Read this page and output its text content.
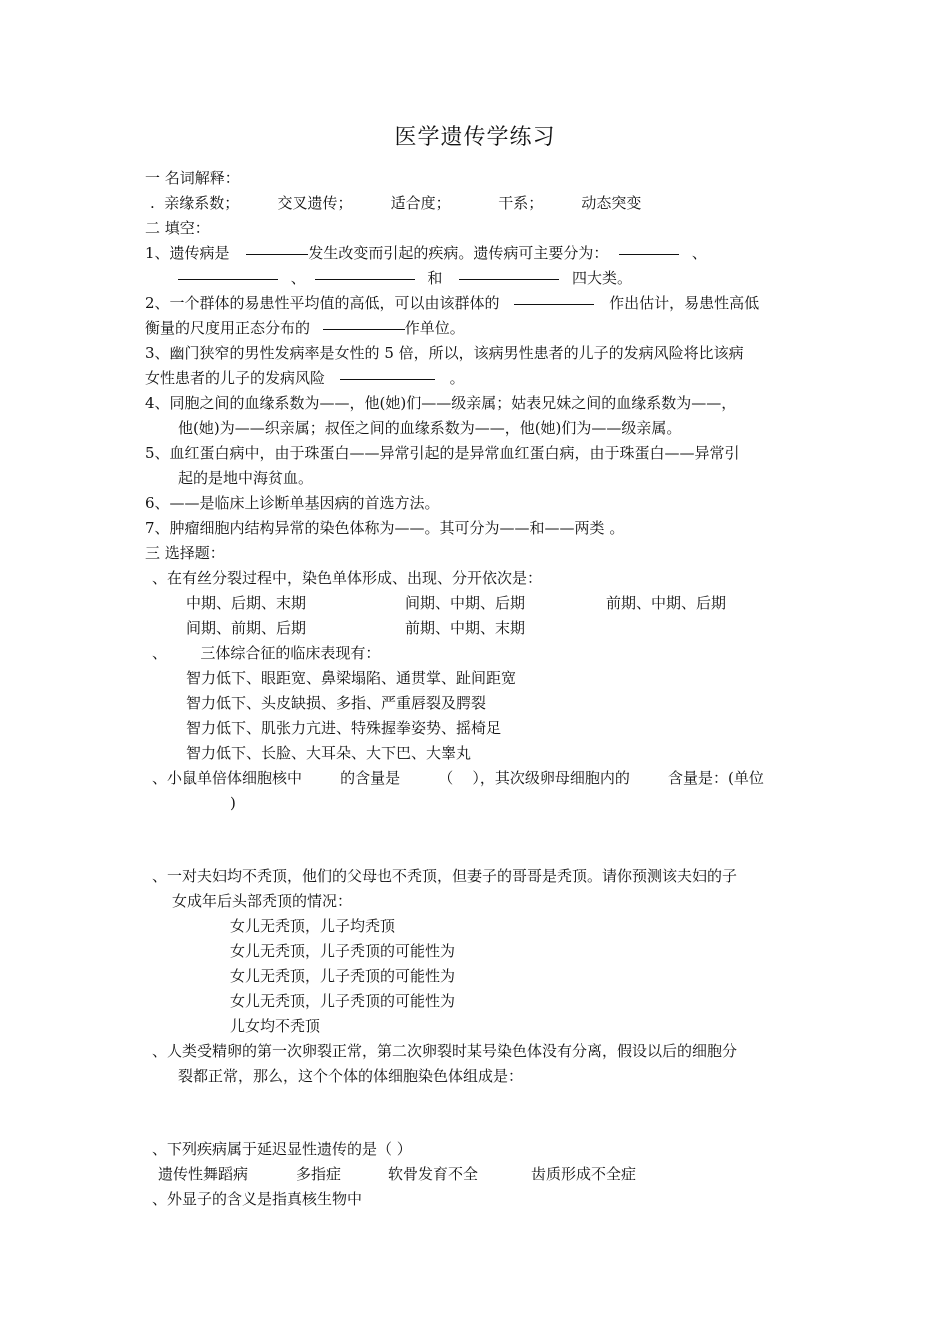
医学遗传学练习
一 名词解释：
.  亲缘系数；        交叉遗传；        适合度；          干系；        动态突变
二 填空：
1、遗传病是	发生改变而引起的疾病。遗传病可主要分为：	、
、	和	四大类。
2、一个群体的易患性平均值的高低，可以由该群体的	作出估计，易患性高低
衡量的尺度用正态分布的	作单位。
3、幽门狭窄的男性发病率是女性的 5 倍，所以，该病男性患者的儿子的发病风险将比该病
女性患者的儿子的发病风险	。
4、同胞之间的血缘系数为——，他(她)们——级亲属；姑表兄妹之间的血缘系数为——，
他(她)为——织亲属；叔侄之间的血缘系数为——，他(她)们为——级亲属。
5、血红蛋白病中，由于珠蛋白——异常引起的是异常血红蛋白病，由于珠蛋白——异常引
起的是地中海贫血。
6、——是临床上诊断单基因病的首选方法。
7、肿瘤细胞内结构异常的染色体称为——。其可分为——和——两类 。
三 选择题：
、在有丝分裂过程中，染色单体形成、出现、分开依次是：
中期、后期、末期	间期、中期、后期	前期、中期、后期
间期、前期、后期	前期、中期、末期
、       三体综合征的临床表现有：
智力低下、眼距宽、鼻梁塌陷、通贯掌、趾间距宽
智力低下、头皮缺损、多指、严重唇裂及腭裂
智力低下、肌张力亢进、特殊握拳姿势、摇椅足
智力低下、长脸、大耳朵、大下巴、大睾丸
、小鼠单倍体细胞核中        的含量是        （    ），其次级卵母细胞内的        含量是：(单位
)
、一对夫妇均不秃顶，他们的父母也不秃顶，但妻子的哥哥是秃顶。请你预测该夫妇的子
女成年后头部秃顶的情况：
女儿无秃顶，儿子均秃顶
女儿无秃顶，儿子秃顶的可能性为
女儿无秃顶，儿子秃顶的可能性为
女儿无秃顶，儿子秃顶的可能性为
儿女均不秃顶
、人类受精卵的第一次卵裂正常，第二次卵裂时某号染色体没有分离，假设以后的细胞分
裂都正常，那么，这个个体的体细胞染色体组成是：
、下列疾病属于延迟显性遗传的是（ ）
遗传性舞蹈病	多指症	软骨发育不全	齿质形成不全症
、外显子的含义是指真核生物中
